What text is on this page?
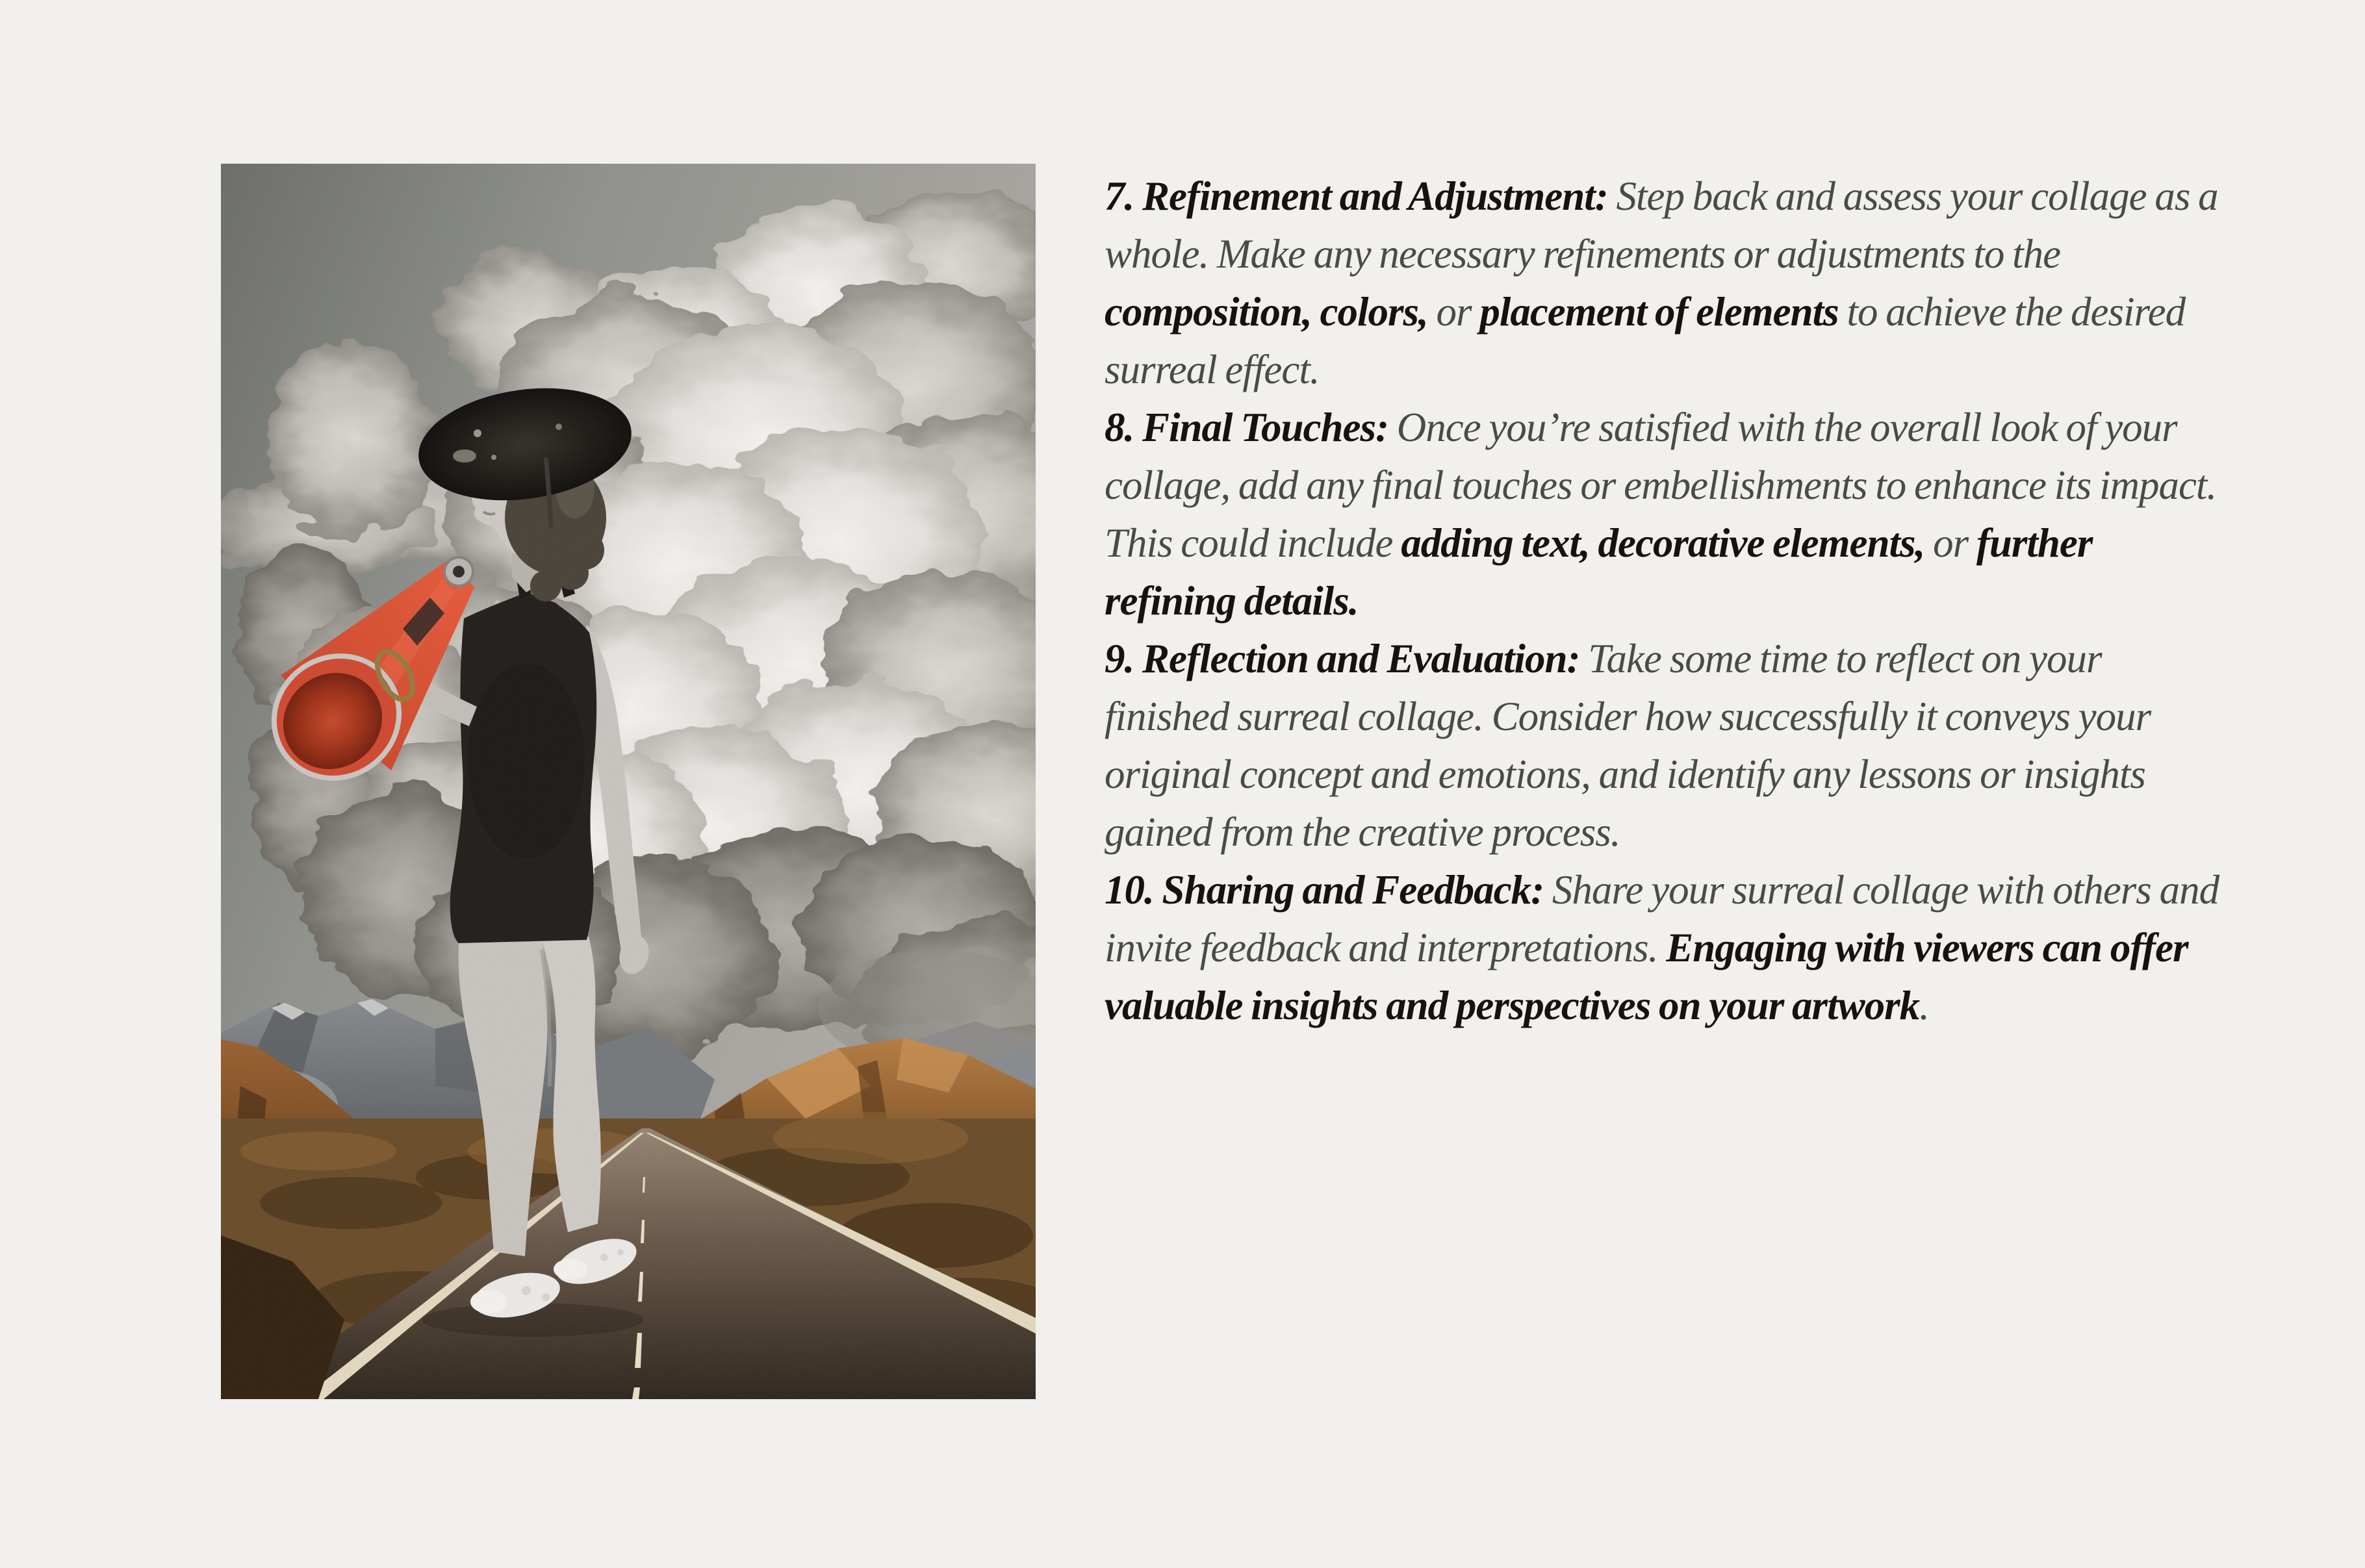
7. Refinement and Adjustment: Step back and assess your collage as a whole. Make any necessary refinements or adjustments to the composition, colors, or placement of elements to achieve the desired surreal effect.

8. Final Touches: Once you’re satisfied with the overall look of your collage, add any final touches or embellishments to enhance its impact. This could include adding text, decorative elements, or further refining details.

9. Reflection and Evaluation: Take some time to reflect on your finished surreal collage. Consider how successfully it conveys your original concept and emotions, and identify any lessons or insights gained from the creative process.

10. Sharing and Feedback: Share your surreal collage with others and invite feedback and interpretations. Engaging with viewers can offer valuable insights and perspectives on your artwork.
